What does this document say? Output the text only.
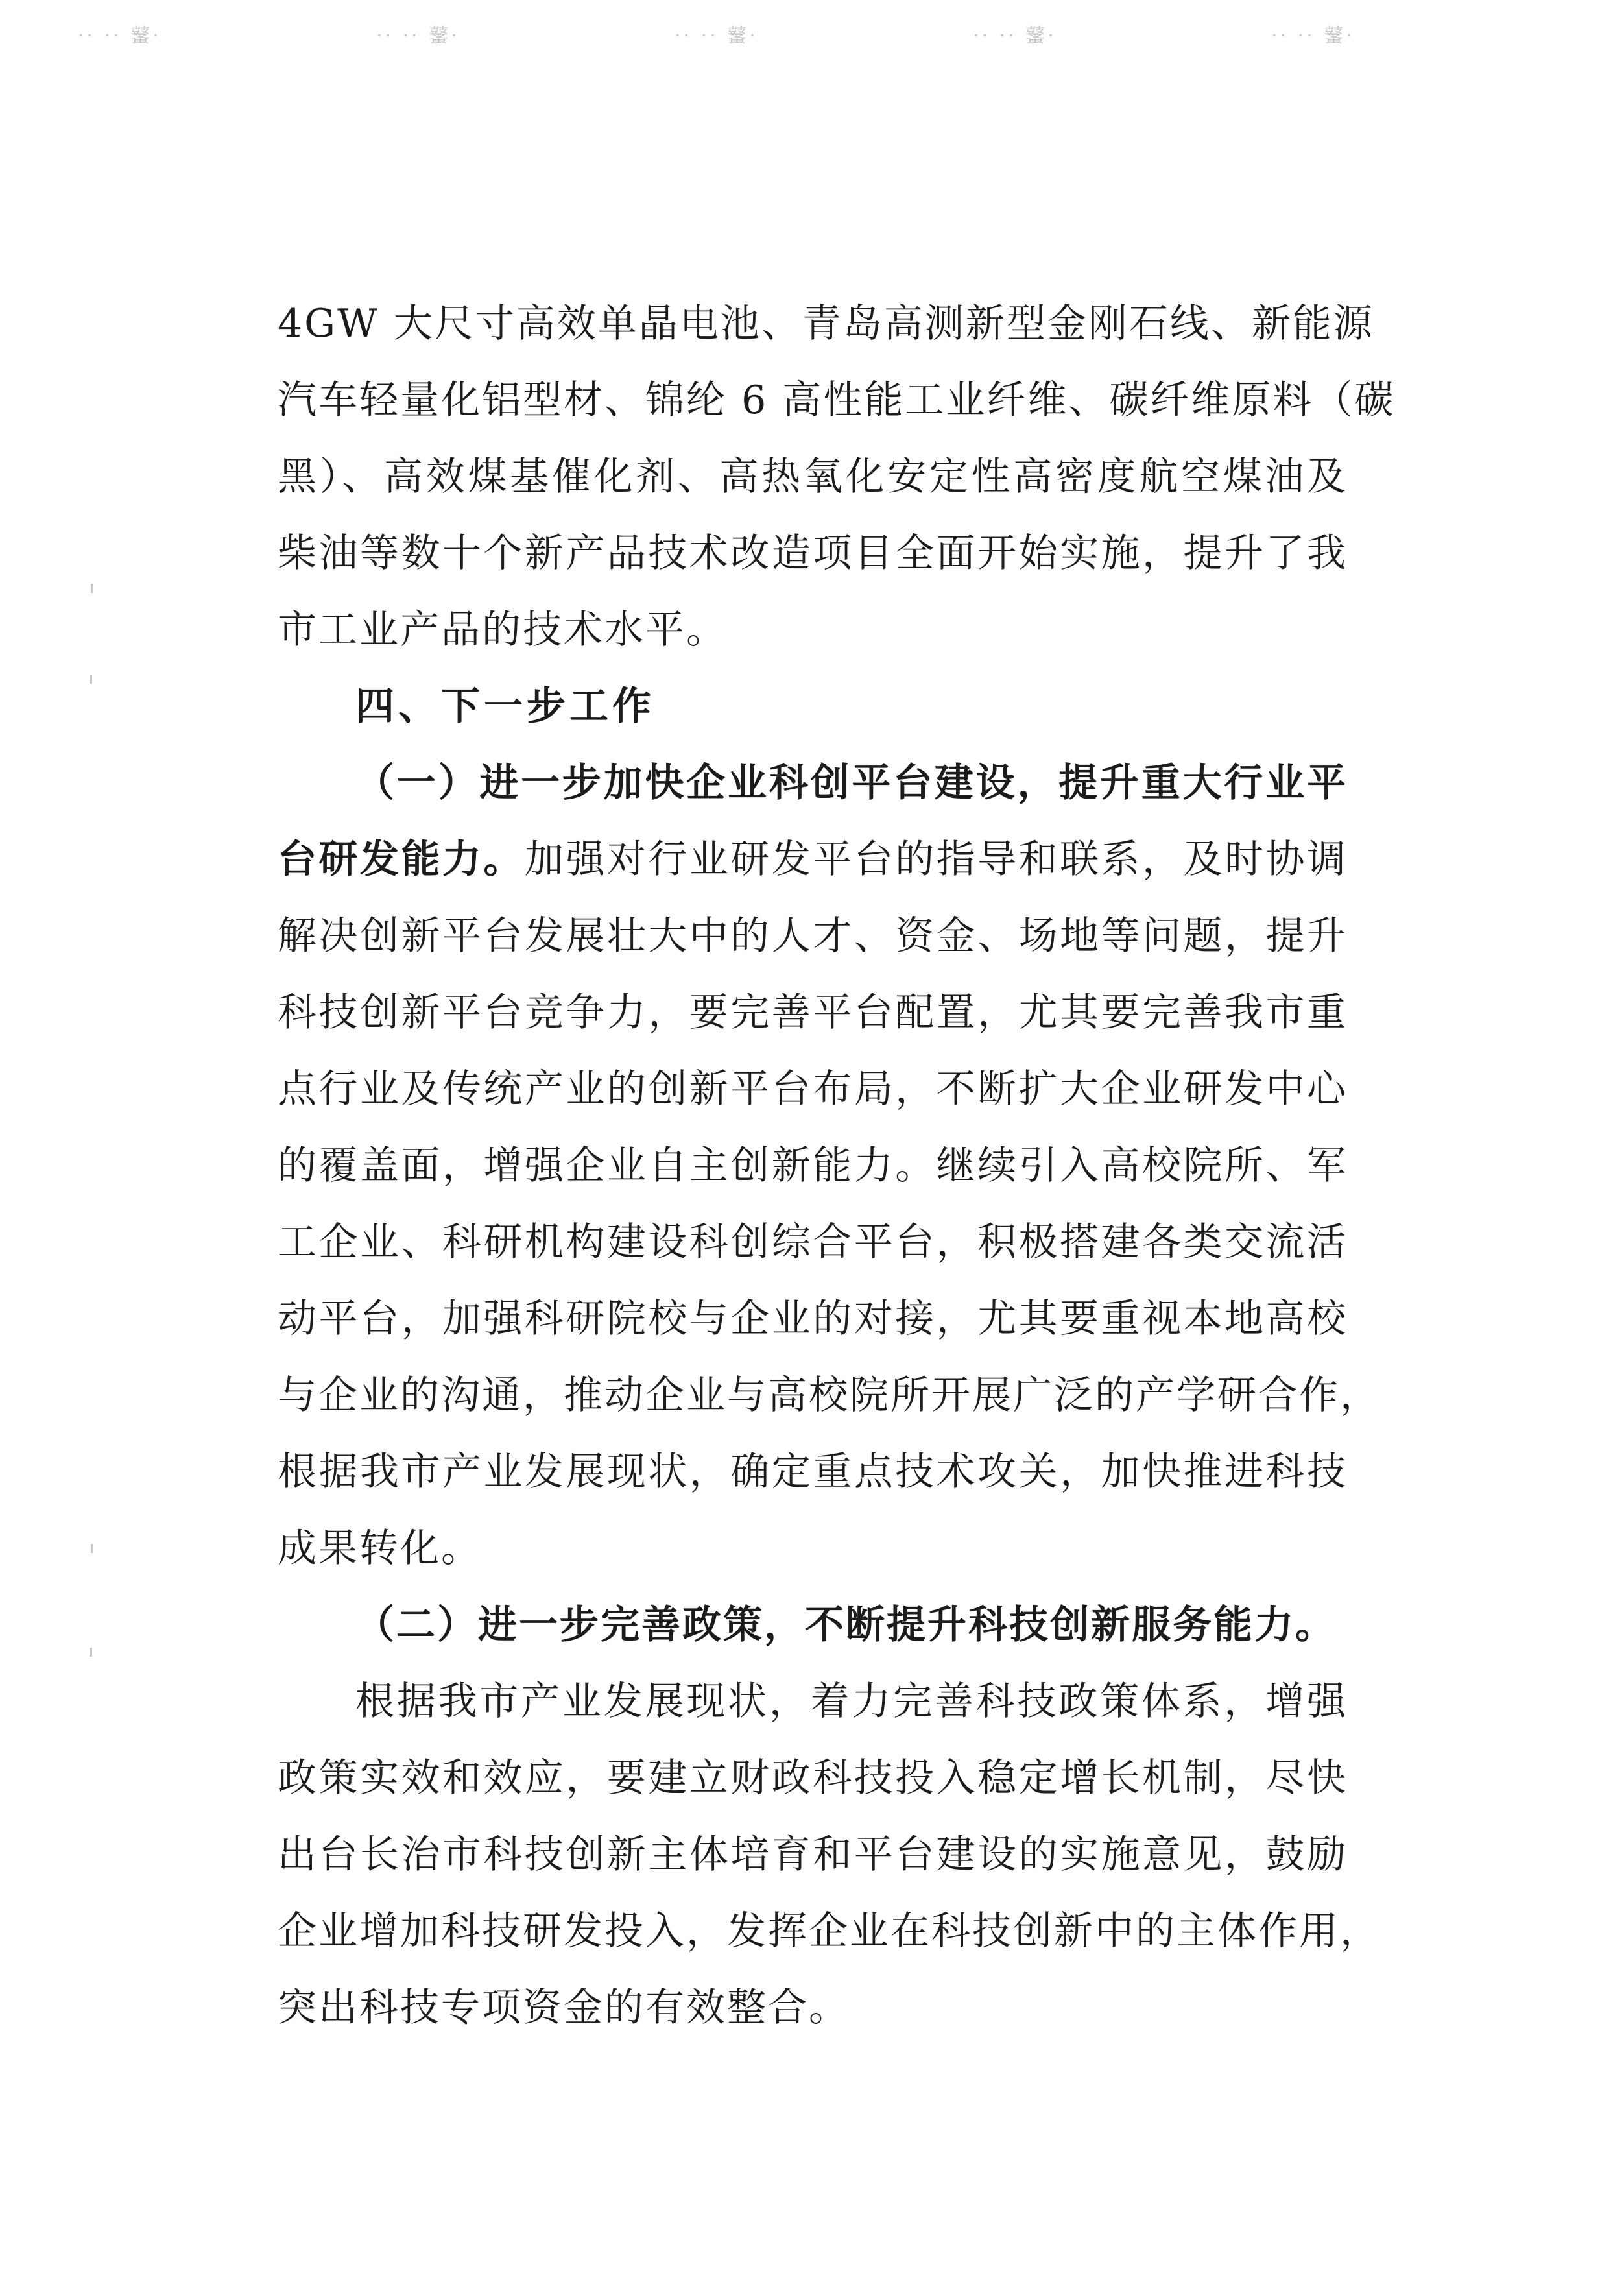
·· ·· 鼜·	·· ·· 鼜·	·· ·· 鼜·	·· ·· 鼜·	·· ·· 鼜·

4GW 大尺寸高效单晶电池、青岛高测新型金刚石线、新能源
汽车轻量化铝型材、锦纶 6 高性能工业纤维、碳纤维原料（碳
黑）、高效煤基催化剂、高热氧化安定性高密度航空煤油及
柴油等数十个新产品技术改造项目全面开始实施，提升了我
市工业产品的技术水平。

四、下一步工作

（一）进一步加快企业科创平台建设，提升重大行业平
台研发能力。加强对行业研发平台的指导和联系，及时协调
解决创新平台发展壮大中的人才、资金、场地等问题，提升
科技创新平台竞争力，要完善平台配置，尤其要完善我市重
点行业及传统产业的创新平台布局，不断扩大企业研发中心
的覆盖面，增强企业自主创新能力。继续引入高校院所、军
工企业、科研机构建设科创综合平台，积极搭建各类交流活
动平台，加强科研院校与企业的对接，尤其要重视本地高校
与企业的沟通，推动企业与高校院所开展广泛的产学研合作，
根据我市产业发展现状，确定重点技术攻关，加快推进科技
成果转化。

（二）进一步完善政策，不断提升科技创新服务能力。

根据我市产业发展现状，着力完善科技政策体系，增强
政策实效和效应，要建立财政科技投入稳定增长机制，尽快
出台长治市科技创新主体培育和平台建设的实施意见，鼓励
企业增加科技研发投入，发挥企业在科技创新中的主体作用，
突出科技专项资金的有效整合。
